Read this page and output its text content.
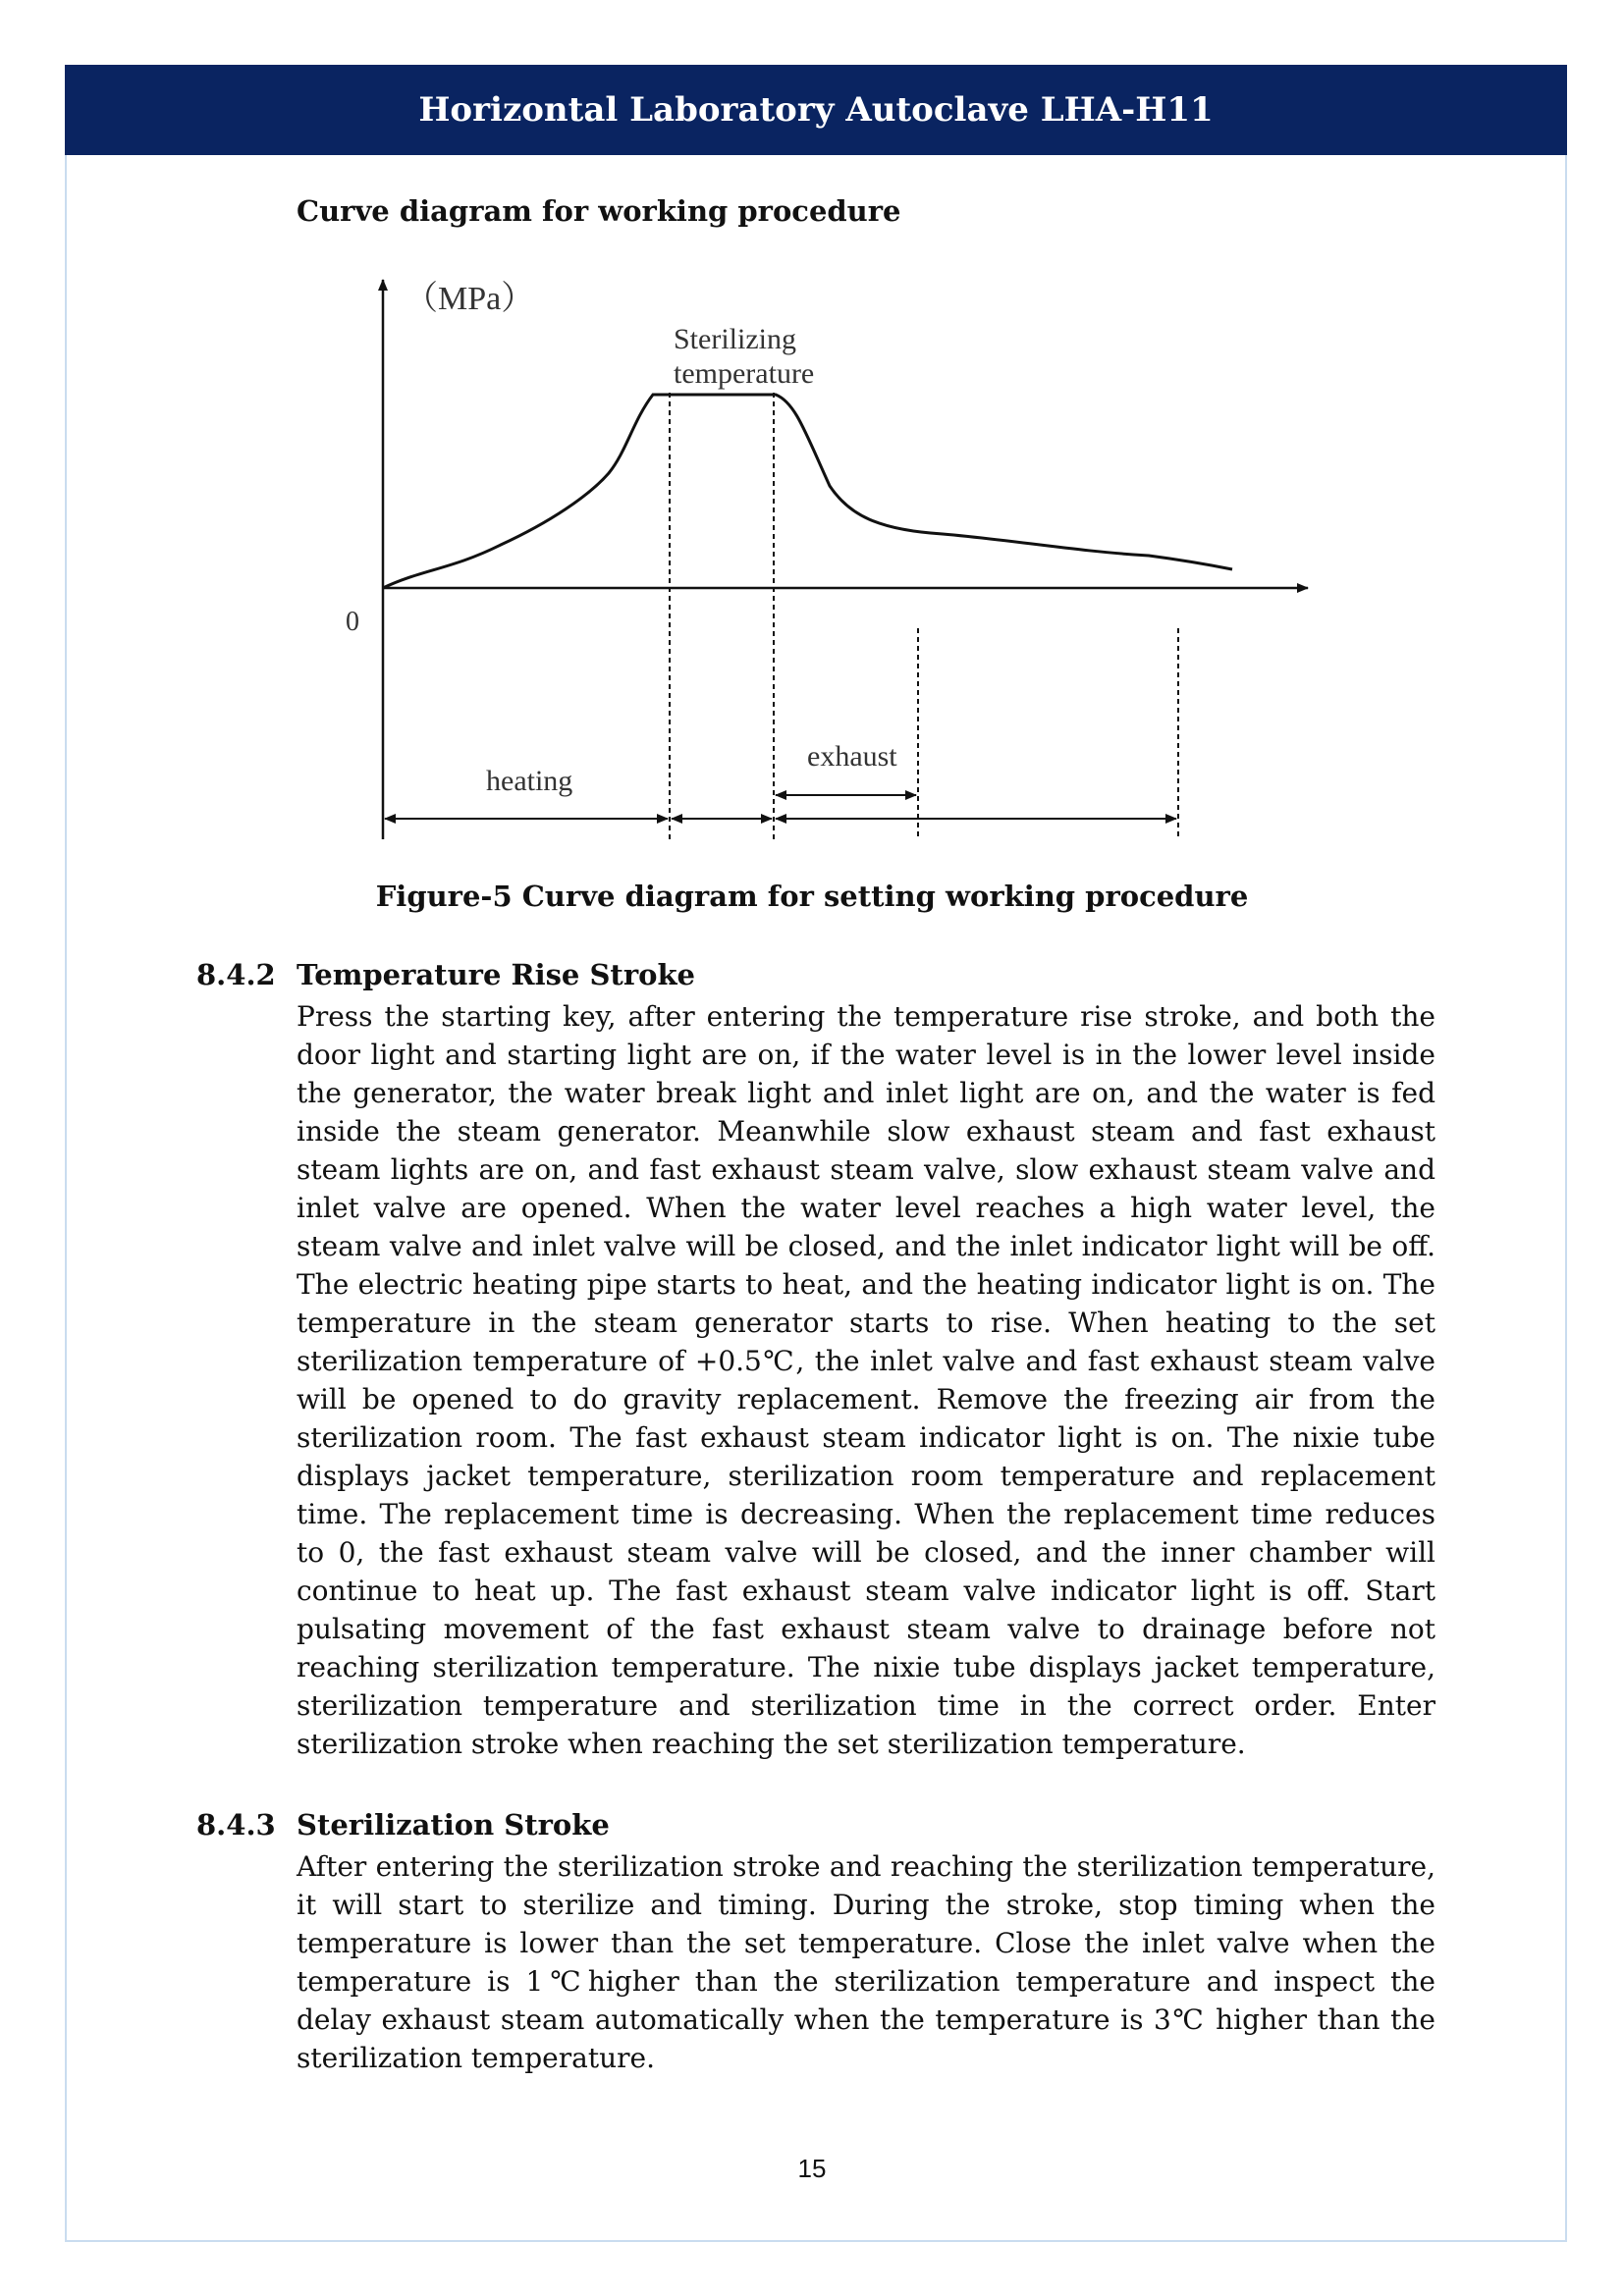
Horizontal Laboratory Autoclave LHA-H11
Curve diagram for working procedure
（MPa）
0
Sterilizing
temperature
heating
exhaust
Figure-5 Curve diagram for setting working procedure
8.4.2 Temperature Rise Stroke
Press the starting key, after entering the temperature rise stroke, and both the door light and starting light are on, if the water level is in the lower level inside the generator, the water break light and inlet light are on, and the water is fed inside the steam generator. Meanwhile slow exhaust steam and fast exhaust steam lights are on, and fast exhaust steam valve, slow exhaust steam valve and inlet valve are opened. When the water level reaches a high water level, the steam valve and inlet valve will be closed, and the inlet indicator light will be off. The electric heating pipe starts to heat, and the heating indicator light is on. The temperature in the steam generator starts to rise. When heating to the set sterilization temperature of +0.5℃, the inlet valve and fast exhaust steam valve will be opened to do gravity replacement. Remove the freezing air from the sterilization room. The fast exhaust steam indicator light is on. The nixie tube displays jacket temperature, sterilization room temperature and replacement time. The replacement time is decreasing. When the replacement time reduces to 0, the fast exhaust steam valve will be closed, and the inner chamber will continue to heat up. The fast exhaust steam valve indicator light is off. Start pulsating movement of the fast exhaust steam valve to drainage before not reaching sterilization temperature. The nixie tube displays jacket temperature, sterilization temperature and sterilization time in the correct order. Enter sterilization stroke when reaching the set sterilization temperature.
8.4.3 Sterilization Stroke
After entering the sterilization stroke and reaching the sterilization temperature, it will start to sterilize and timing. During the stroke, stop timing when the temperature is lower than the set temperature. Close the inlet valve when the temperature is 1℃higher than the sterilization temperature and inspect the delay exhaust steam automatically when the temperature is 3℃ higher than the sterilization temperature.
15
